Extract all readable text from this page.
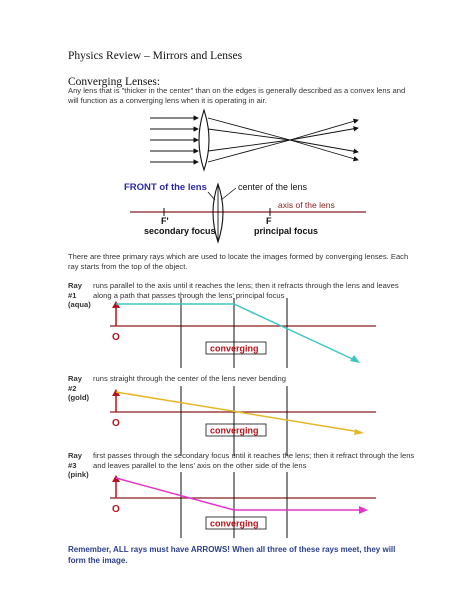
Physics Review – Mirrors and Lenses
Converging Lenses:
Any lens that is "thicker in the center" than on the edges is generally described as a convex lens and will function as a converging lens when it is operating in air.
FRONT of the lens	center of the lens
axis of the lens
F'	F
secondary focus	principal focus
There are three primary rays which are used to locate the images formed by converging lenses. Each ray starts from the top of the object.
Ray
#1
(aqua)
runs parallel to the axis until it reaches the lens; then it refracts through the lens and leaves along a path that passes through the lens' principal focus
O
converging
Ray
#2
(gold)
runs straight through the center of the lens never bending
O
converging
Ray
#3
(pink)
first passes through the secondary focus until it reaches the lens; then it refract through the lens and leaves parallel to the lens' axis on the other side of the lens
O
converging
Remember, ALL rays must have ARROWS! When all three of these rays meet, they will form the image.
